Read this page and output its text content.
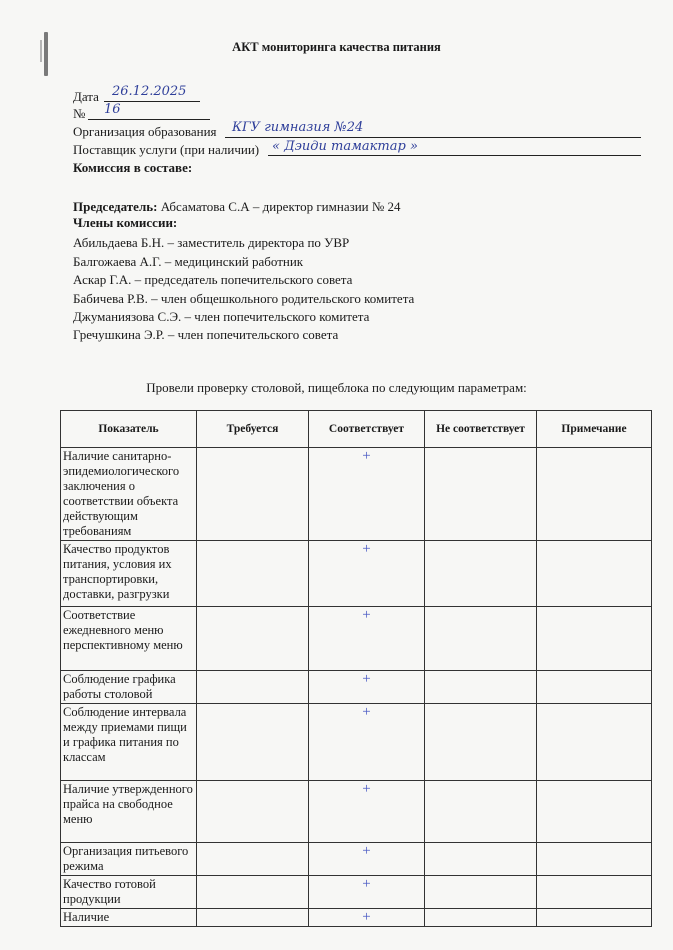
АКТ мониторинга качества питания
Дата 26.12.2025
№ 16
Организация образования КГУ гимназия №24
Поставщик услуги (при наличии) « Дэиди тамактар »
Комиссия в составе:
Председатель: Абсаматова С.А – директор гимназии № 24
Члены комиссии:
Абильдаева Б.Н. – заместитель директора по УВР
Балгожаева А.Г. – медицинский работник
Аскар Г.А. – председатель попечительского совета
Бабичева Р.В. – член общешкольного родительского комитета
Джуманиязова С.Э. – член попечительского комитета
Гречушкина Э.Р. – член попечительского совета
Провели проверку столовой, пищеблока по следующим параметрам:
Показатель	Требуется	Соответствует	Не соответствует	Примечание
Наличие санитарно-эпидемиологического заключения о соответствии объекта действующим требованиям		+		
Качество продуктов питания, условия их транспортировки, доставки, разгрузки		+		
Соответствие ежедневного меню перспективному меню		+		
Соблюдение графика работы столовой		+		
Соблюдение интервала между приемами пищи и графика питания по классам		+		
Наличие утвержденного прайса на свободное меню		+		
Организация питьевого режима		+		
Качество готовой продукции		+		
Наличие		+		
